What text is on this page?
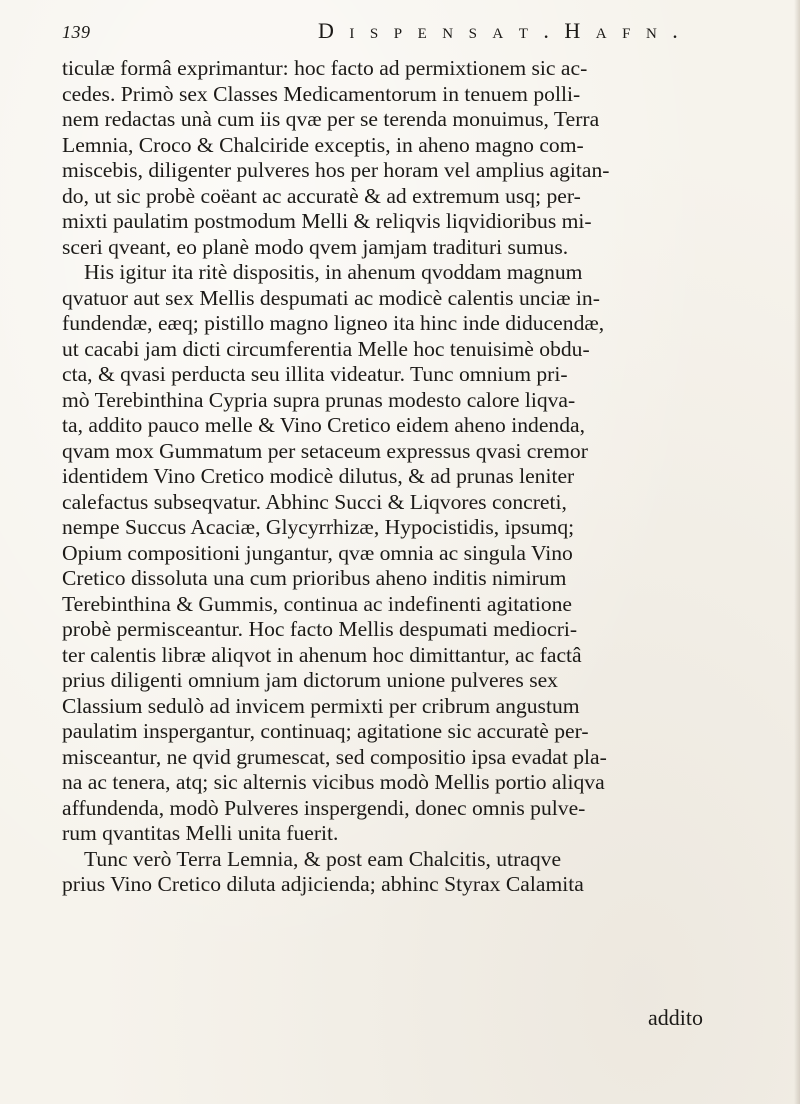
139	D i s p e n s a t . H a f n .
ticulæ formâ exprimantur: hoc facto ad permixtionem sic ac-
cedes. Primò sex Classes Medicamentorum in tenuem polli-
nem redactas unà cum iis qvæ per se terenda monuimus, Terra
Lemnia, Croco & Chalciride exceptis, in aheno magno com-
miscebis, diligenter pulveres hos per horam vel amplius agitan-
do, ut sic probè coëant ac accuratè & ad extremum usq; per-
mixti paulatim postmodum Melli & reliqvis liqvidioribus mi-
sceri qveant, eo planè modo qvem jamjam tradituri sumus.
His igitur ita ritè dispositis, in ahenum qvoddam magnum
qvatuor aut sex Mellis despumati ac modicè calentis unciæ in-
fundendæ, eæq; pistillo magno ligneo ita hinc inde diducendæ,
ut cacabi jam dicti circumferentia Melle hoc tenuisimè obdu-
cta, & qvasi perducta seu illita videatur. Tunc omnium pri-
mò Terebinthina Cypria supra prunas modesto calore liqva-
ta, addito pauco melle & Vino Cretico eidem aheno indenda,
qvam mox Gummatum per setaceum expressus qvasi cremor
identidem Vino Cretico modicè dilutus, & ad prunas leniter
calefactus subseqvatur. Abhinc Succi & Liqvores concreti,
nempe Succus Acaciæ, Glycyrrhizæ, Hypocistidis, ipsumq;
Opium compositioni jungantur, qvæ omnia ac singula Vino
Cretico dissoluta una cum prioribus aheno inditis nimirum
Terebinthina & Gummis, continua ac indefinenti agitatione
probè permisceantur. Hoc facto Mellis despumati mediocri-
ter calentis libræ aliqvot in ahenum hoc dimittantur, ac factâ
prius diligenti omnium jam dictorum unione pulveres sex
Classium sedulò ad invicem permixti per cribrum angustum
paulatim inspergantur, continuaq; agitatione sic accuratè per-
misceantur, ne qvid grumescat, sed compositio ipsa evadat pla-
na ac tenera, atq; sic alternis vicibus modò Mellis portio aliqva
affundenda, modò Pulveres inspergendi, donec omnis pulve-
rum qvantitas Melli unita fuerit.
Tunc verò Terra Lemnia, & post eam Chalcitis, utraqve
prius Vino Cretico diluta adjicienda; abhinc Styrax Calamita
addito
